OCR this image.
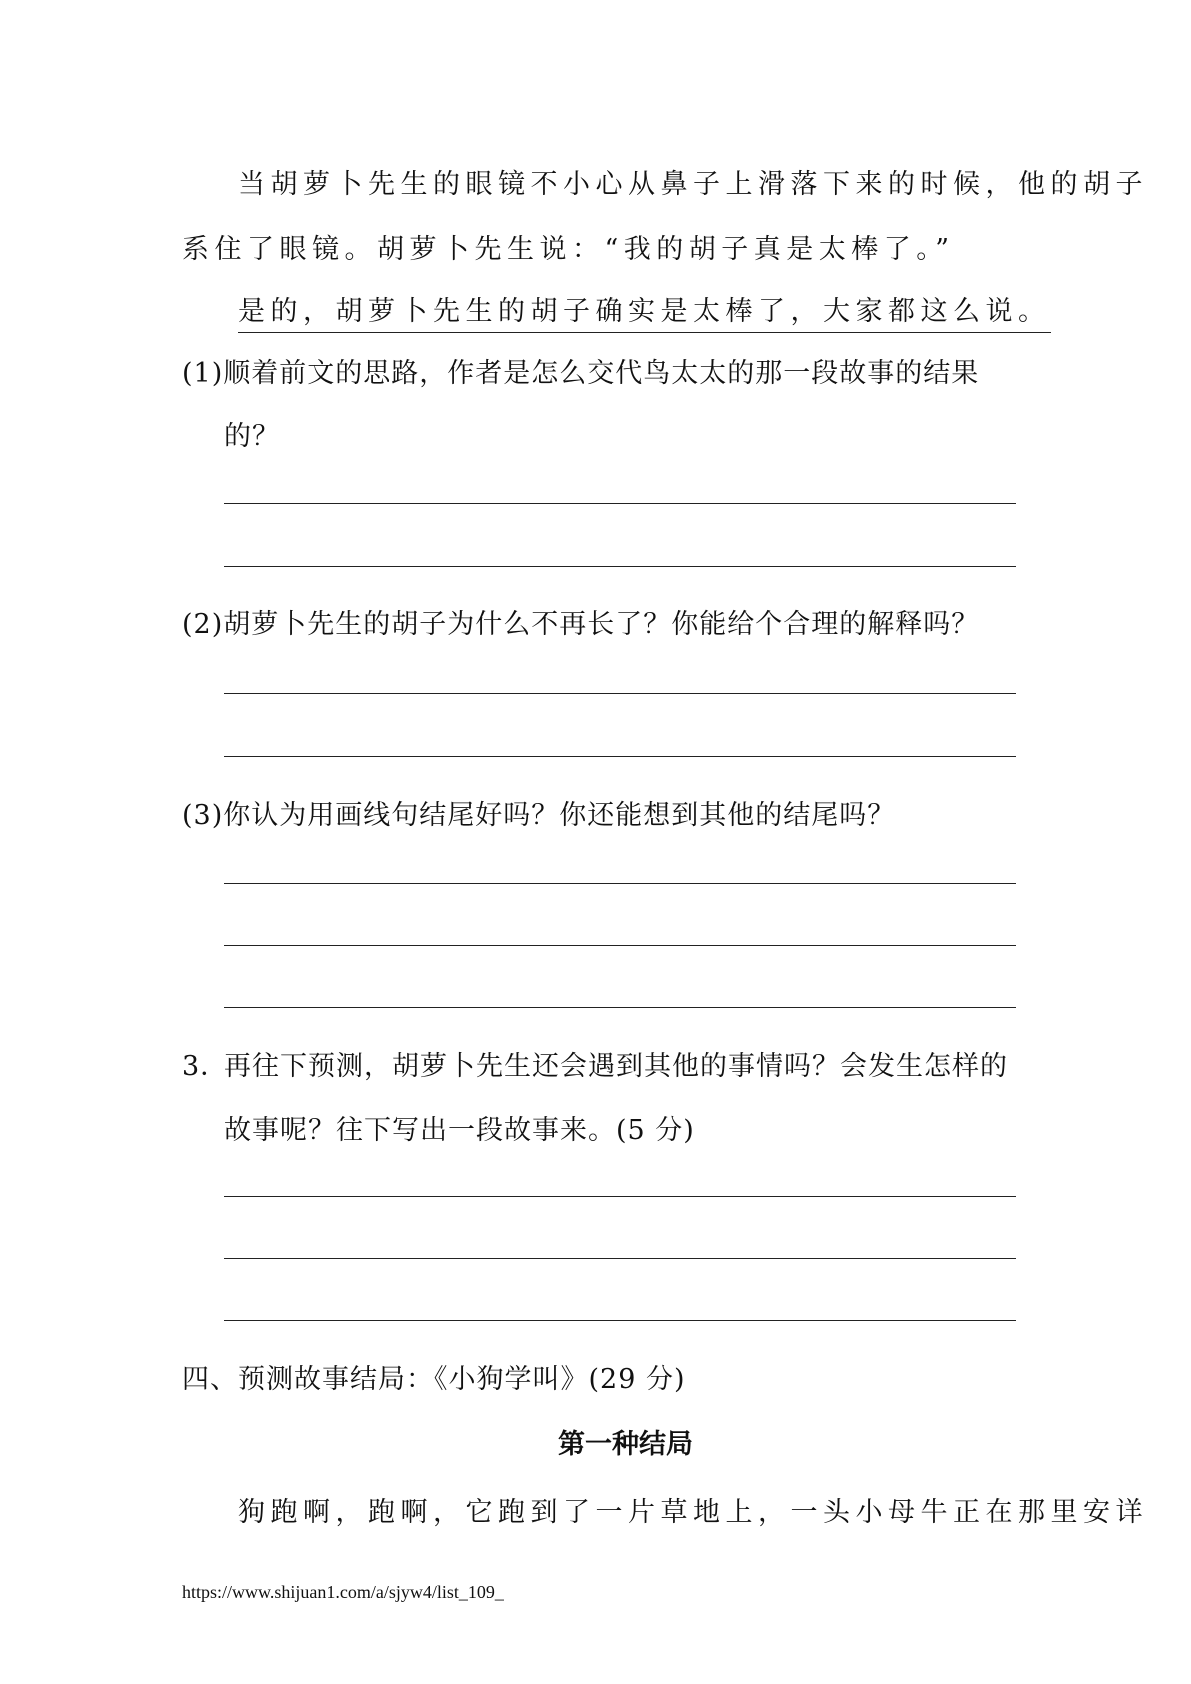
当胡萝卜先生的眼镜不小心从鼻子上滑落下来的时候，他的胡子
系住了眼镜。胡萝卜先生说：“我的胡子真是太棒了。”
是的，胡萝卜先生的胡子确实是太棒了，大家都这么说。
(1)顺着前文的思路，作者是怎么交代鸟太太的那一段故事的结果
的？
(2)胡萝卜先生的胡子为什么不再长了？你能给个合理的解释吗？
(3)你认为用画线句结尾好吗？你还能想到其他的结尾吗？
3．
再往下预测，胡萝卜先生还会遇到其他的事情吗？会发生怎样的
故事呢？往下写出一段故事来。(5 分)
四、预测故事结局：《小狗学叫》(29 分)
第一种结局
狗跑啊，跑啊，它跑到了一片草地上，一头小母牛正在那里安详
https://www.shijuan1.com/a/sjyw4/list_109_
